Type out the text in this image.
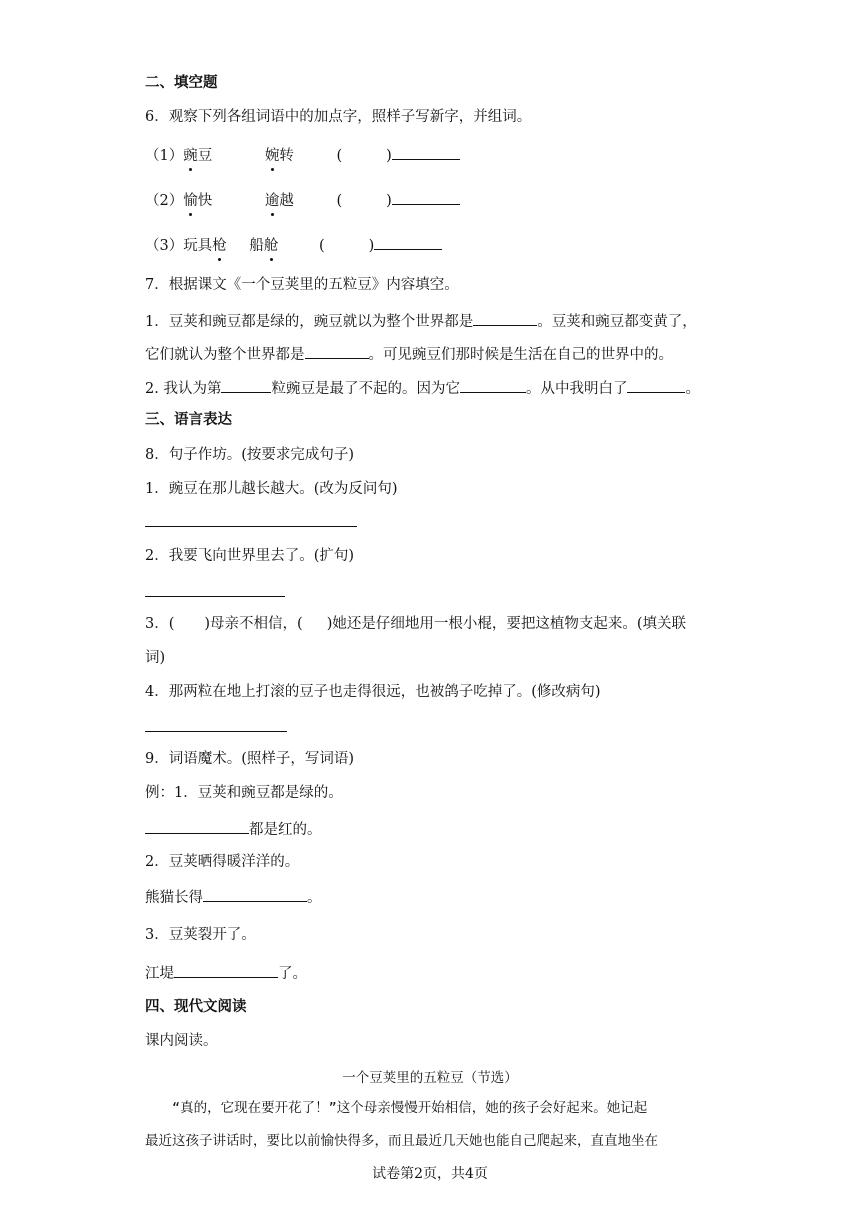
二、填空题
6．观察下列各组词语中的加点字，照样子写新字，并组词。
（1）豌豆	婉转	(	)
（2）愉快	逾越	(	)
（3）玩具枪 船舱	(	)
7．根据课文《一个豆荚里的五粒豆》内容填空。
1．豆荚和豌豆都是绿的，豌豆就以为整个世界都是	。豆荚和豌豆都变黄了，
它们就认为整个世界都是	。可见豌豆们那时候是生活在自己的世界中的。
2. 我认为第	粒豌豆是最了不起的。因为它	。从中我明白了	。
三、语言表达
8．句子作坊。(按要求完成句子)
1．豌豆在那儿越长越大。(改为反问句)
2．我要飞向世界里去了。(扩句)
3．( )母亲不相信，( )她还是仔细地用一根小棍，要把这植物支起来。(填关联
词)
4．那两粒在地上打滚的豆子也走得很远，也被鸽子吃掉了。(修改病句)
9．词语魔术。(照样子，写词语)
例：1．豆荚和豌豆都是绿的。
都是红的。
2．豆荚晒得暖洋洋的。
熊猫长得	。
3．豆荚裂开了。
江堤	了。
四、现代文阅读
课内阅读。
一个豆荚里的五粒豆（节选）
“真的，它现在要开花了！”这个母亲慢慢开始相信，她的孩子会好起来。她记起
最近这孩子讲话时，要比以前愉快得多，而且最近几天她也能自己爬起来，直直地坐在
试卷第2页，共4页
